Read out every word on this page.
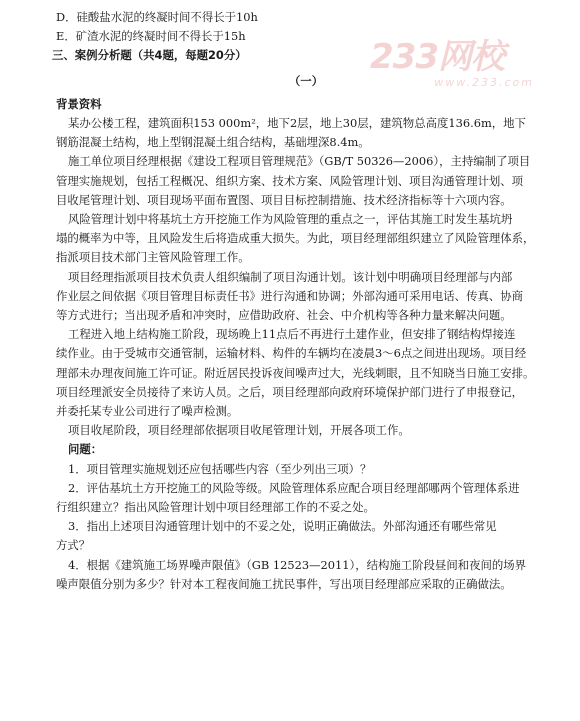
D．硅酸盐水泥的终凝时间不得长于10h
E．矿渣水泥的终凝时间不得长于15h
三、案例分析题（共4题，每题20分）
（一）
背景资料
某办公楼工程，建筑面积153 000m²，地下2层，地上30层，建筑物总高度136.6m，地下
钢筋混凝土结构，地上型钢混凝土组合结构，基础埋深8.4m。
施工单位项目经理根据《建设工程项目管理规范》（GB/T 50326—2006），主持编制了项目
管理实施规划，包括工程概况、组织方案、技术方案、风险管理计划、项目沟通管理计划、项
目收尾管理计划、项目现场平面布置图、项目目标控制措施、技术经济指标等十六项内容。
风险管理计划中将基坑土方开挖施工作为风险管理的重点之一，评估其施工时发生基坑坍
塌的概率为中等，且风险发生后将造成重大损失。为此，项目经理部组织建立了风险管理体系，
指派项目技术部门主管风险管理工作。
项目经理指派项目技术负责人组织编制了项目沟通计划。该计划中明确项目经理部与内部
作业层之间依据《项目管理目标责任书》进行沟通和协调；外部沟通可采用电话、传真、协商
等方式进行；当出现矛盾和冲突时，应借助政府、社会、中介机构等各种力量来解决问题。
工程进入地上结构施工阶段，现场晚上11点后不再进行土建作业，但安排了钢结构焊接连
续作业。由于受城市交通管制，运输材料、构件的车辆均在凌晨3～6点之间进出现场。项目经
理部未办理夜间施工许可证。附近居民投诉夜间噪声过大，光线刺眼，且不知晓当日施工安排。
项目经理派安全员接待了来访人员。之后，项目经理部向政府环境保护部门进行了申报登记，
并委托某专业公司进行了噪声检测。
项目收尾阶段，项目经理部依据项目收尾管理计划，开展各项工作。
问题：
1．项目管理实施规划还应包括哪些内容（至少列出三项）？
2．评估基坑土方开挖施工的风险等级。风险管理体系应配合项目经理部哪两个管理体系进
行组织建立？指出风险管理计划中项目经理部工作的不妥之处。
3．指出上述项目沟通管理计划中的不妥之处，说明正确做法。外部沟通还有哪些常见
方式？
4．根据《建筑施工场界噪声限值》（GB 12523—2011），结构施工阶段昼间和夜间的场界
噪声限值分别为多少？针对本工程夜间施工扰民事件，写出项目经理部应采取的正确做法。
233网校
www.233.com
